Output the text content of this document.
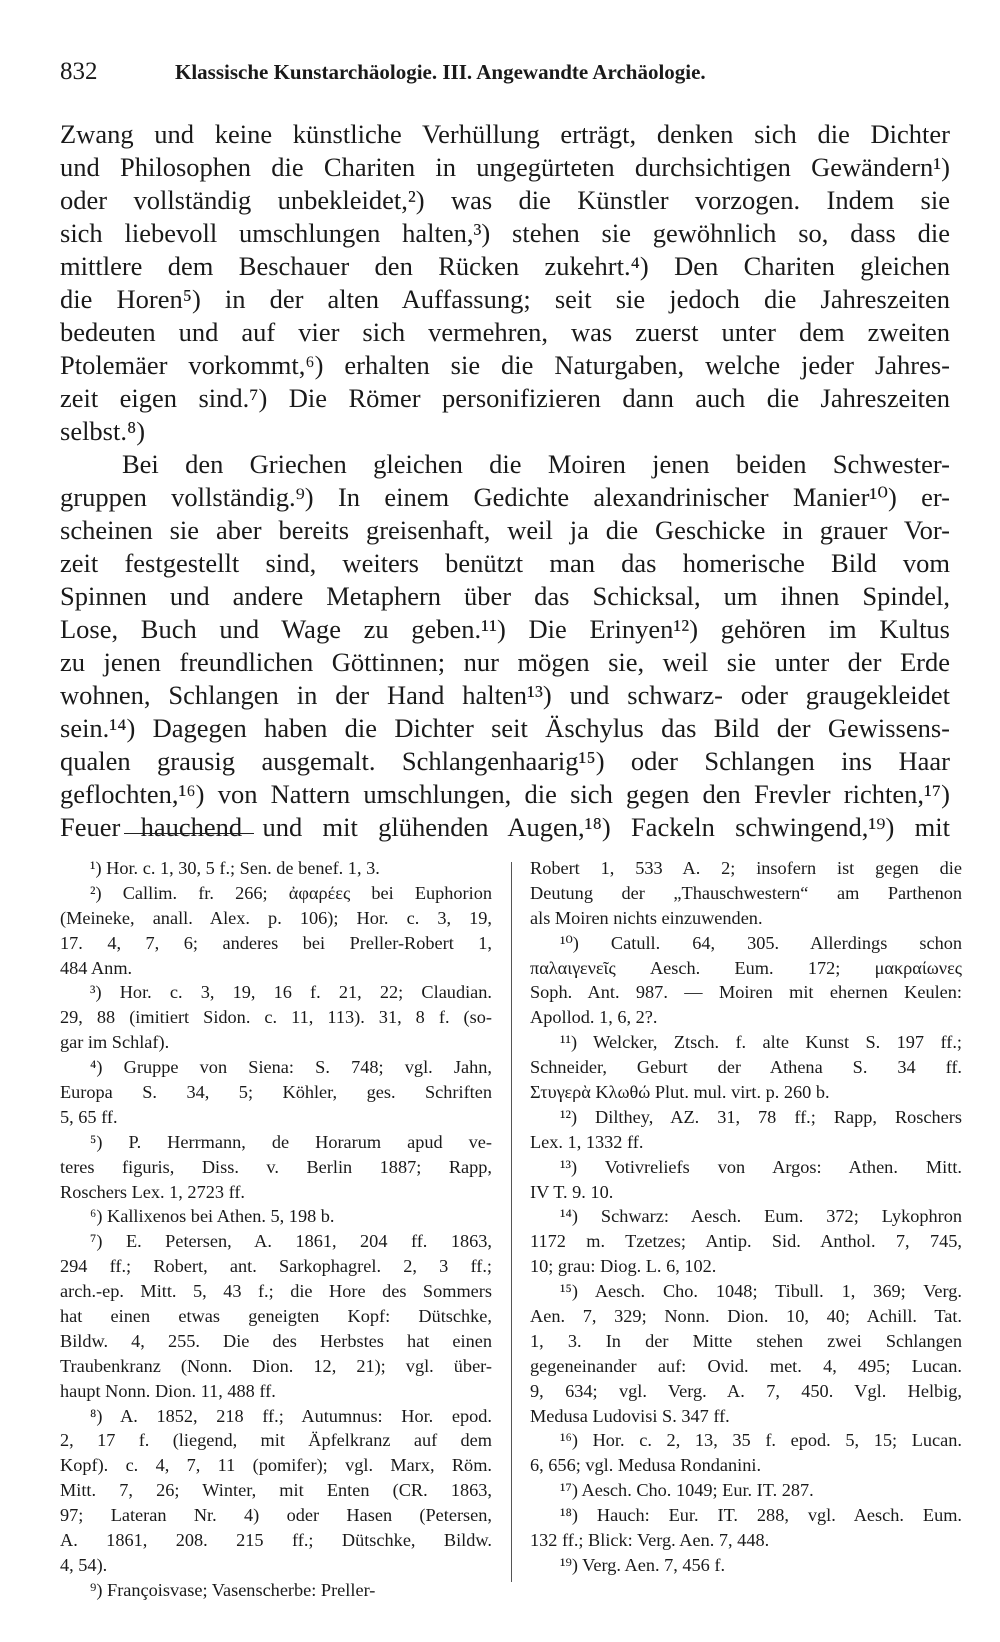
832	Klassische Kunstarchäologie. III. Angewandte Archäologie.
Zwang und keine künstliche Verhüllung erträgt, denken sich die Dichter
und Philosophen die Chariten in ungegürteten durchsichtigen Gewändern¹)
oder vollständig unbekleidet,²) was die Künstler vorzogen. Indem sie
sich liebevoll umschlungen halten,³) stehen sie gewöhnlich so, dass die
mittlere dem Beschauer den Rücken zukehrt.⁴) Den Chariten gleichen
die Horen⁵) in der alten Auffassung; seit sie jedoch die Jahreszeiten
bedeuten und auf vier sich vermehren, was zuerst unter dem zweiten
Ptolemäer vorkommt,⁶) erhalten sie die Naturgaben, welche jeder Jahres-
zeit eigen sind.⁷) Die Römer personifizieren dann auch die Jahreszeiten
selbst.⁸)
Bei den Griechen gleichen die Moiren jenen beiden Schwester-
gruppen vollständig.⁹) In einem Gedichte alexandrinischer Manier¹⁰) er-
scheinen sie aber bereits greisenhaft, weil ja die Geschicke in grauer Vor-
zeit festgestellt sind, weiters benützt man das homerische Bild vom
Spinnen und andere Metaphern über das Schicksal, um ihnen Spindel,
Lose, Buch und Wage zu geben.¹¹) Die Erinyen¹²) gehören im Kultus
zu jenen freundlichen Göttinnen; nur mögen sie, weil sie unter der Erde
wohnen, Schlangen in der Hand halten¹³) und schwarz- oder graugekleidet
sein.¹⁴) Dagegen haben die Dichter seit Äschylus das Bild der Gewissens-
qualen grausig ausgemalt. Schlangenhaarig¹⁵) oder Schlangen ins Haar
geflochten,¹⁶) von Nattern umschlungen, die sich gegen den Frevler richten,¹⁷)
Feuer hauchend und mit glühenden Augen,¹⁸) Fackeln schwingend,¹⁹) mit
¹) Hor. c. 1, 30, 5 f.; Sen. de benef. 1, 3.
²) Callim. fr. 266; ἀφαρέες bei Euphorion
(Meineke, anall. Alex. p. 106); Hor. c. 3, 19,
17. 4, 7, 6; anderes bei Preller-Robert 1,
484 Anm.
³) Hor. c. 3, 19, 16 f. 21, 22; Claudian.
29, 88 (imitiert Sidon. c. 11, 113). 31, 8 f. (so-
gar im Schlaf).
⁴) Gruppe von Siena: S. 748; vgl. Jahn,
Europa S. 34, 5; Köhler, ges. Schriften
5, 65 ff.
⁵) P. Herrmann, de Horarum apud ve-
teres figuris, Diss. v. Berlin 1887; Rapp,
Roschers Lex. 1, 2723 ff.
⁶) Kallixenos bei Athen. 5, 198 b.
⁷) E. Petersen, A. 1861, 204 ff. 1863,
294 ff.; Robert, ant. Sarkophagrel. 2, 3 ff.;
arch.-ep. Mitt. 5, 43 f.; die Hore des Sommers
hat einen etwas geneigten Kopf: Dütschke,
Bildw. 4, 255. Die des Herbstes hat einen
Traubenkranz (Nonn. Dion. 12, 21); vgl. über-
haupt Nonn. Dion. 11, 488 ff.
⁸) A. 1852, 218 ff.; Autumnus: Hor. epod.
2, 17 f. (liegend, mit Äpfelkranz auf dem
Kopf). c. 4, 7, 11 (pomifer); vgl. Marx, Röm.
Mitt. 7, 26; Winter, mit Enten (CR. 1863,
97; Lateran Nr. 4) oder Hasen (Petersen,
A. 1861, 208. 215 ff.; Dütschke, Bildw.
4, 54).
⁹) Françoisvase; Vasenscherbe: Preller-
Robert 1, 533 A. 2; insofern ist gegen die
Deutung der „Thauschwestern“ am Parthenon
als Moiren nichts einzuwenden.
¹⁰) Catull. 64, 305. Allerdings schon
παλαιγενεῖς Aesch. Eum. 172; μακραίωνες
Soph. Ant. 987. — Moiren mit ehernen Keulen:
Apollod. 1, 6, 2?.
¹¹) Welcker, Ztsch. f. alte Kunst S. 197 ff.;
Schneider, Geburt der Athena S. 34 ff.
Στυγερὰ Κλωθώ Plut. mul. virt. p. 260 b.
¹²) Dilthey, AZ. 31, 78 ff.; Rapp, Roschers
Lex. 1, 1332 ff.
¹³) Votivreliefs von Argos: Athen. Mitt.
IV T. 9. 10.
¹⁴) Schwarz: Aesch. Eum. 372; Lykophron
1172 m. Tzetzes; Antip. Sid. Anthol. 7, 745,
10; grau: Diog. L. 6, 102.
¹⁵) Aesch. Cho. 1048; Tibull. 1, 369; Verg.
Aen. 7, 329; Nonn. Dion. 10, 40; Achill. Tat.
1, 3. In der Mitte stehen zwei Schlangen
gegeneinander auf: Ovid. met. 4, 495; Lucan.
9, 634; vgl. Verg. A. 7, 450. Vgl. Helbig,
Medusa Ludovisi S. 347 ff.
¹⁶) Hor. c. 2, 13, 35 f. epod. 5, 15; Lucan.
6, 656; vgl. Medusa Rondanini.
¹⁷) Aesch. Cho. 1049; Eur. IT. 287.
¹⁸) Hauch: Eur. IT. 288, vgl. Aesch. Eum.
132 ff.; Blick: Verg. Aen. 7, 448.
¹⁹) Verg. Aen. 7, 456 f.
